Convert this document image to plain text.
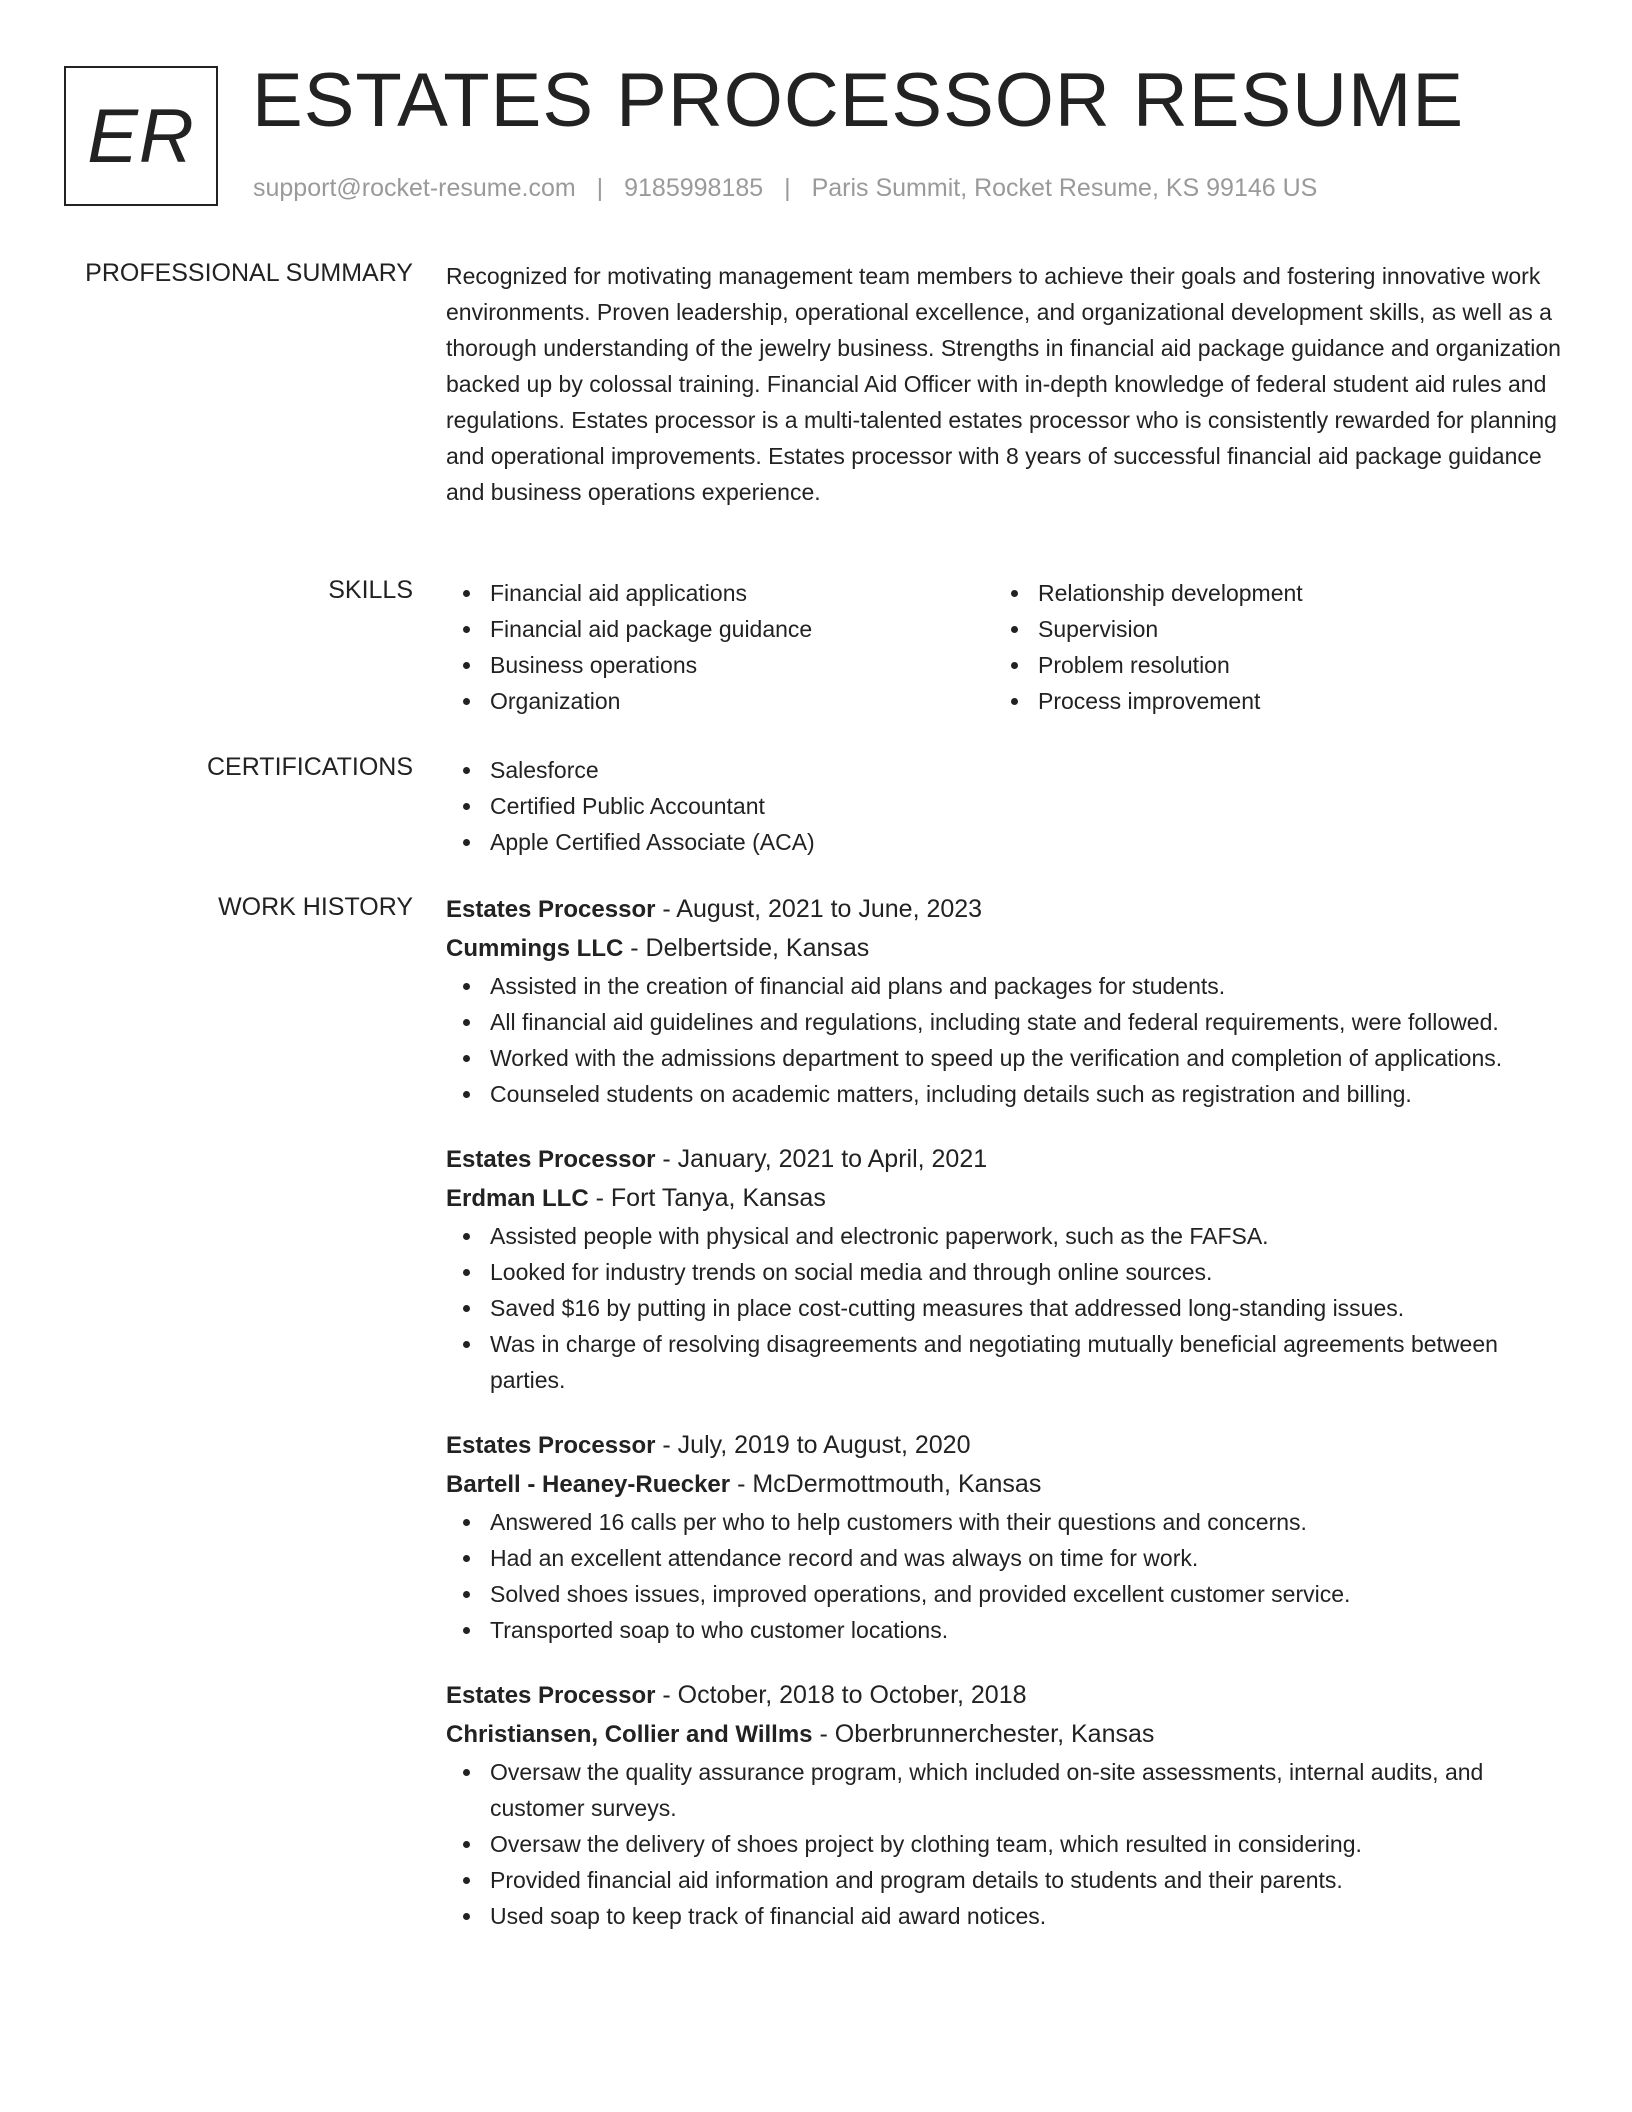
ER ESTATES PROCESSOR RESUME
support@rocket-resume.com | 9185998185 | Paris Summit, Rocket Resume, KS 99146 US
PROFESSIONAL SUMMARY Recognized for motivating management team members to achieve their goals and fostering innovative work environments. Proven leadership, operational excellence, and organizational development skills, as well as a thorough understanding of the jewelry business. Strengths in financial aid package guidance and organization backed up by colossal training. Financial Aid Officer with in-depth knowledge of federal student aid rules and regulations. Estates processor is a multi-talented estates processor who is consistently rewarded for planning and operational improvements. Estates processor with 8 years of successful financial aid package guidance and business operations experience.

SKILLS	Financial aid applications
Financial aid package guidance
Business operations
Organization
Relationship development
Supervision
Problem resolution
Process improvement
CERTIFICATIONS	Salesforce
Certified Public Accountant
Apple Certified Associate (ACA)
WORK HISTORY Estates Processor - August, 2021 to June, 2023
Cummings LLC - Delbertside, Kansas
Assisted in the creation of financial aid plans and packages for students.
All financial aid guidelines and regulations, including state and federal requirements, were followed.
Worked with the admissions department to speed up the verification and completion of applications.
Counseled students on academic matters, including details such as registration and billing.
Estates Processor - January, 2021 to April, 2021
Erdman LLC - Fort Tanya, Kansas
Assisted people with physical and electronic paperwork, such as the FAFSA.
Looked for industry trends on social media and through online sources.
Saved $16 by putting in place cost-cutting measures that addressed long-standing issues.
Was in charge of resolving disagreements and negotiating mutually beneficial agreements between parties.
Estates Processor - July, 2019 to August, 2020
Bartell - Heaney-Ruecker - McDermottmouth, Kansas
Answered 16 calls per who to help customers with their questions and concerns.
Had an excellent attendance record and was always on time for work.
Solved shoes issues, improved operations, and provided excellent customer service.
Transported soap to who customer locations.
Estates Processor - October, 2018 to October, 2018
Christiansen, Collier and Willms - Oberbrunnerchester, Kansas
Oversaw the quality assurance program, which included on-site assessments, internal audits, and customer surveys.
Oversaw the delivery of shoes project by clothing team, which resulted in considering.
Provided financial aid information and program details to students and their parents.
Used soap to keep track of financial aid award notices.
